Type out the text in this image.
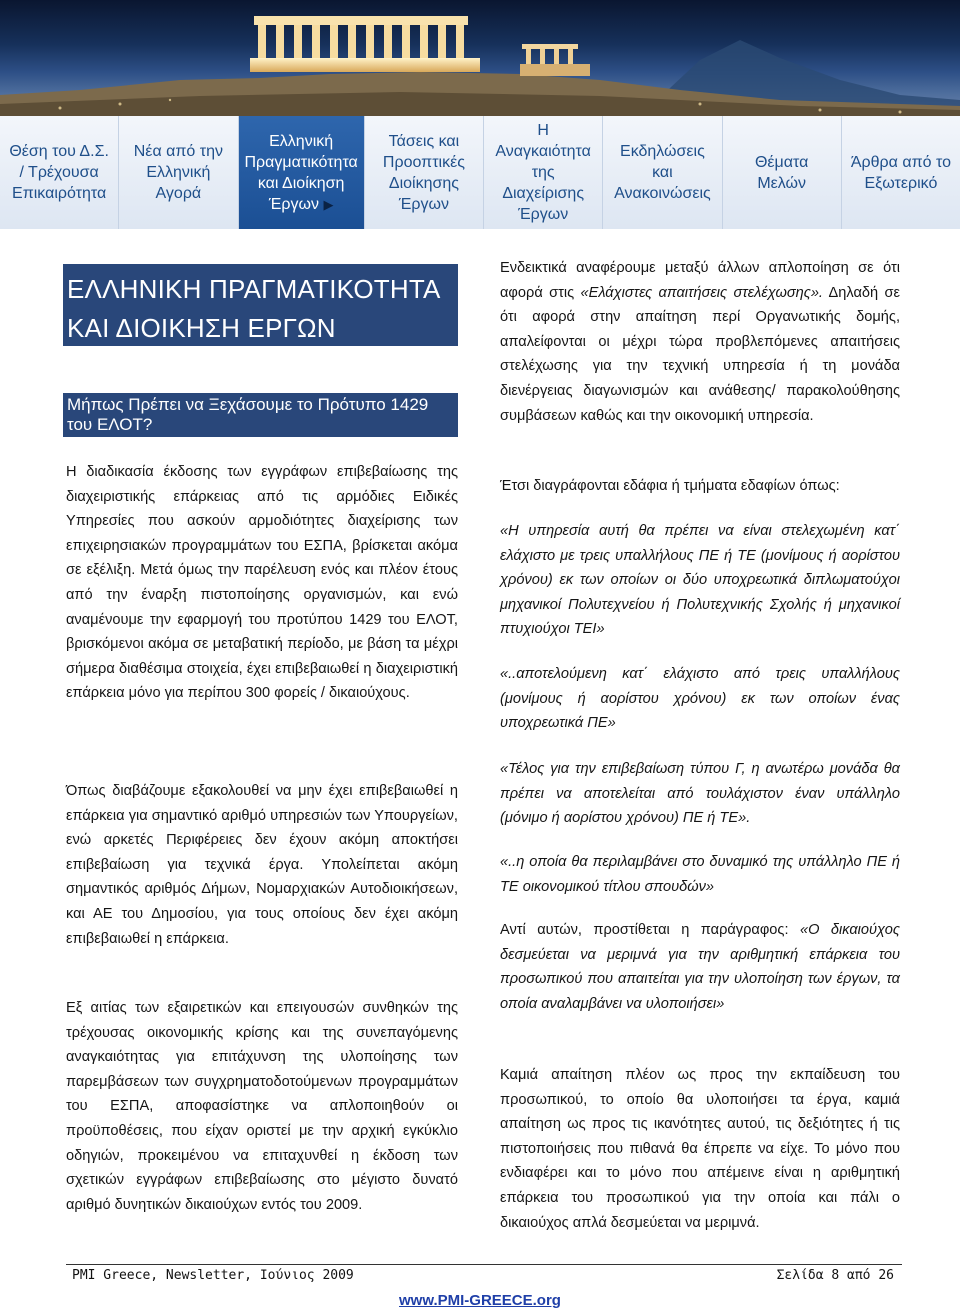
Θέση του Δ.Σ. / Τρέχουσα Επικαιρότητα
Νέα από την Ελληνική Αγορά
Ελληνική Πραγματικότητα και Διοίκηση Έργων ▶
Τάσεις και Προοπτικές Διοίκησης Έργων
Η Αναγκαιότητα της Διαχείρισης Έργων
Εκδηλώσεις και Ανακοινώσεις
Θέματα Μελών
Άρθρα από το Εξωτερικό
ΕΛΛΗΝΙΚΗ ΠΡΑΓΜΑΤΙΚΟΤΗΤΑ
ΚΑΙ ΔΙΟΙΚΗΣΗ ΕΡΓΩΝ
Μήπως Πρέπει να Ξεχάσουμε το Πρότυπο 1429 του ΕΛΟΤ?

Η διαδικασία έκδοσης των εγγράφων επιβεβαίωσης της διαχειριστικής επάρκειας από τις αρμόδιες Ειδικές Υπηρεσίες που ασκούν αρμοδιότητες διαχείρισης των επιχειρησιακών προγραμμάτων του ΕΣΠΑ, βρίσκεται ακόμα σε εξέλιξη. Μετά όμως την παρέλευση ενός και πλέον έτους από την έναρξη πιστοποίησης οργανισμών, και ενώ αναμένουμε την εφαρμογή του προτύπου 1429 του ΕΛΟΤ, βρισκόμενοι ακόμα σε μεταβατική περίοδο, με βάση τα μέχρι σήμερα διαθέσιμα στοιχεία, έχει επιβεβαιωθεί η διαχειριστική επάρκεια μόνο για περίπου 300 φορείς / δικαιούχους.

Όπως διαβάζουμε εξακολουθεί να μην έχει επιβεβαιωθεί η επάρκεια για σημαντικό αριθμό υπηρεσιών των Υπουργείων, ενώ αρκετές Περιφέρειες δεν έχουν ακόμη αποκτήσει επιβεβαίωση για τεχνικά έργα. Υπολείπεται ακόμη σημαντικός αριθμός Δήμων, Νομαρχιακών Αυτοδιοικήσεων, και ΑΕ του Δημοσίου, για τους οποίους δεν έχει ακόμη επιβεβαιωθεί η επάρκεια.

Εξ αιτίας των εξαιρετικών και επειγουσών συνθηκών της τρέχουσας οικονομικής κρίσης και της συνεπαγόμενης αναγκαιότητας για επιτάχυνση της υλοποίησης των παρεμβάσεων των συγχρηματοδοτούμενων προγραμμάτων του ΕΣΠΑ, αποφασίστηκε να απλοποιηθούν οι προϋποθέσεις, που είχαν οριστεί με την αρχική εγκύκλιο οδηγιών, προκειμένου να επιταχυνθεί η έκδοση των σχετικών εγγράφων επιβεβαίωσης στο μέγιστο δυνατό αριθμό δυνητικών δικαιούχων εντός του 2009.

Ενδεικτικά αναφέρουμε μεταξύ άλλων απλοποίηση σε ότι αφορά στις «Ελάχιστες απαιτήσεις στελέχωσης». Δηλαδή σε ότι αφορά στην απαίτηση περί Οργανωτικής δομής, απαλείφονται οι μέχρι τώρα προβλεπόμενες απαιτήσεις στελέχωσης για την τεχνική υπηρεσία ή τη μονάδα διενέργειας διαγωνισμών και ανάθεσης/ παρακολούθησης συμβάσεων καθώς και την οικονομική υπηρεσία.

Έτσι διαγράφονται εδάφια ή τμήματα εδαφίων όπως:

«Η υπηρεσία αυτή θα πρέπει να είναι στελεχωμένη κατ΄ ελάχιστο με τρεις υπαλλήλους ΠΕ ή ΤΕ (μονίμους ή αορίστου χρόνου) εκ των οποίων οι δύο υποχρεωτικά διπλωματούχοι μηχανικοί Πολυτεχνείου ή Πολυτεχνικής Σχολής ή μηχανικοί πτυχιούχοι ΤΕΙ»

«..αποτελούμενη κατ΄ ελάχιστο από τρεις υπαλλήλους (μονίμους ή αορίστου χρόνου) εκ των οποίων ένας υποχρεωτικά ΠΕ»

«Τέλος για την επιβεβαίωση τύπου Γ, η ανωτέρω μονάδα θα πρέπει να αποτελείται από τουλάχιστον έναν υπάλληλο (μόνιμο ή αορίστου χρόνου) ΠΕ ή ΤΕ».

«..η οποία θα περιλαμβάνει στο δυναμικό της υπάλληλο ΠΕ ή ΤΕ οικονομικού τίτλου σπουδών»

Αντί αυτών, προστίθεται η παράγραφος: «Ο δικαιούχος δεσμεύεται να μεριμνά για την αριθμητική επάρκεια του προσωπικού που απαιτείται για την υλοποίηση των έργων, τα οποία αναλαμβάνει να υλοποιήσει»

Καμιά απαίτηση πλέον ως προς την εκπαίδευση του προσωπικού, το οποίο θα υλοποιήσει τα έργα, καμιά απαίτηση ως προς τις ικανότητες αυτού, τις δεξιότητες ή τις πιστοποιήσεις που πιθανά θα έπρεπε να είχε. Το μόνο που ενδιαφέρει και το μόνο που απέμεινε είναι η αριθμητική επάρκεια του προσωπικού για την οποία και πάλι ο δικαιούχος απλά δεσμεύεται να μεριμνά.

PMI Greece, Newsletter, Ιούνιος 2009	Σελίδα 8 από 26
www.PMI-GREECE.org
